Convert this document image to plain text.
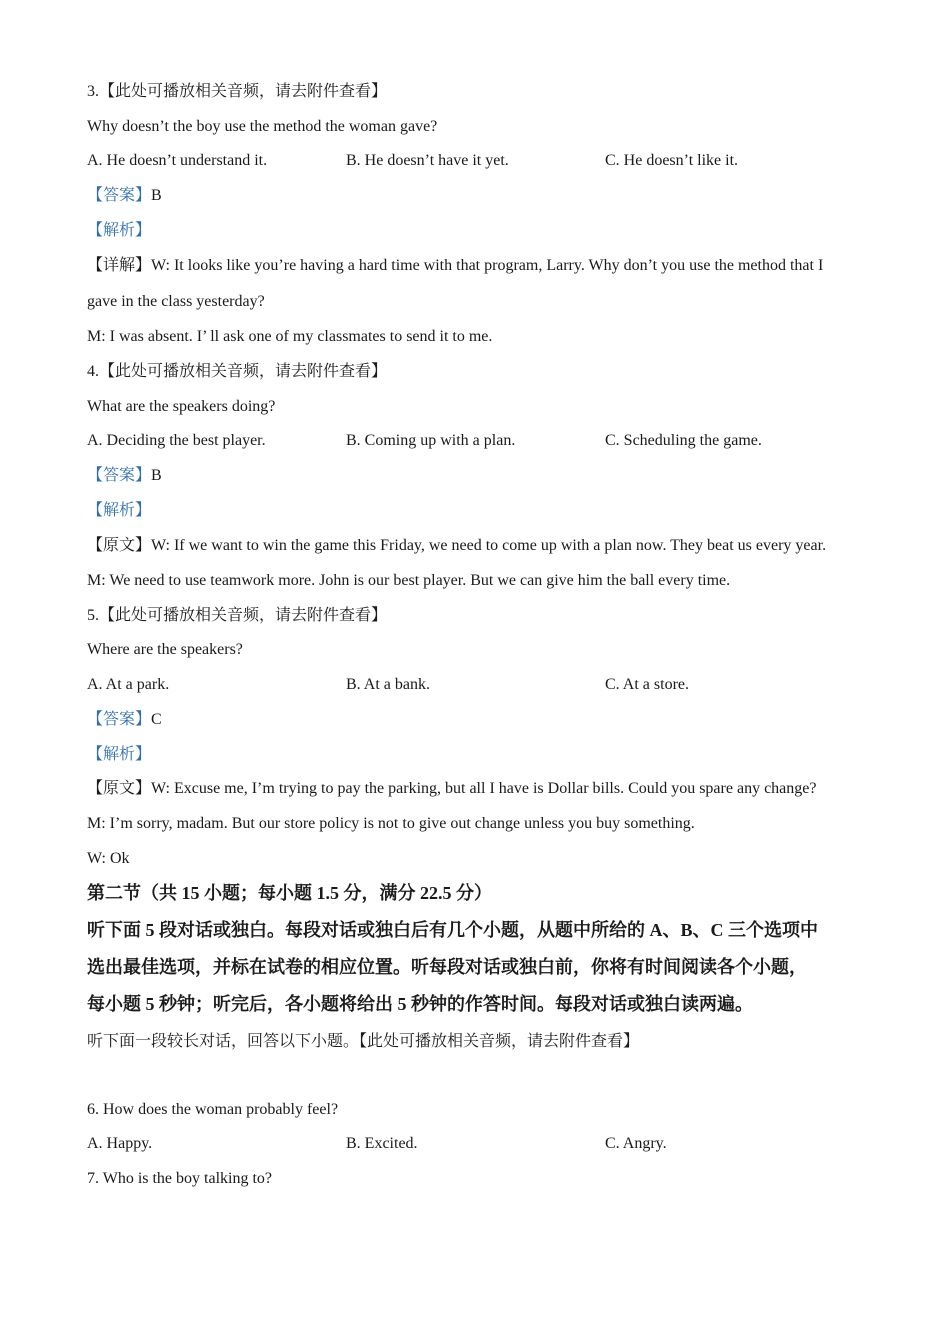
3.【此处可播放相关音频，请去附件查看】
Why doesn’t the boy use the method the woman gave?
A. He doesn’t understand it.	B. He doesn’t have it yet.	C. He doesn’t like it.
【答案】B
【解析】
【详解】W: It looks like you’re having a hard time with that program, Larry. Why don’t you use the method that I
gave in the class yesterday?
M: I was absent. I’ ll ask one of my classmates to send it to me.
4.【此处可播放相关音频，请去附件查看】
What are the speakers doing?
A. Deciding the best player.	B. Coming up with a plan.	C. Scheduling the game.
【答案】B
【解析】
【原文】W: If we want to win the game this Friday, we need to come up with a plan now. They beat us every year.
M: We need to use teamwork more. John is our best player. But we can give him the ball every time.
5.【此处可播放相关音频，请去附件查看】
Where are the speakers?
A. At a park.	B. At a bank.	C. At a store.
【答案】C
【解析】
【原文】W: Excuse me, I’m trying to pay the parking, but all I have is Dollar bills. Could you spare any change?
M: I’m sorry, madam. But our store policy is not to give out change unless you buy something.
W: Ok
第二节（共 15 小题；每小题 1.5 分，满分 22.5 分）
听下面 5 段对话或独白。每段对话或独白后有几个小题，从题中所给的 A、B、C 三个选项中
选出最佳选项，并标在试卷的相应位置。听每段对话或独白前，你将有时间阅读各个小题，
每小题 5 秒钟；听完后，各小题将给出 5 秒钟的作答时间。每段对话或独白读两遍。
听下面一段较长对话，回答以下小题。【此处可播放相关音频，请去附件查看】
6. How does the woman probably feel?
A. Happy.	B. Excited.	C. Angry.
7. Who is the boy talking to?
